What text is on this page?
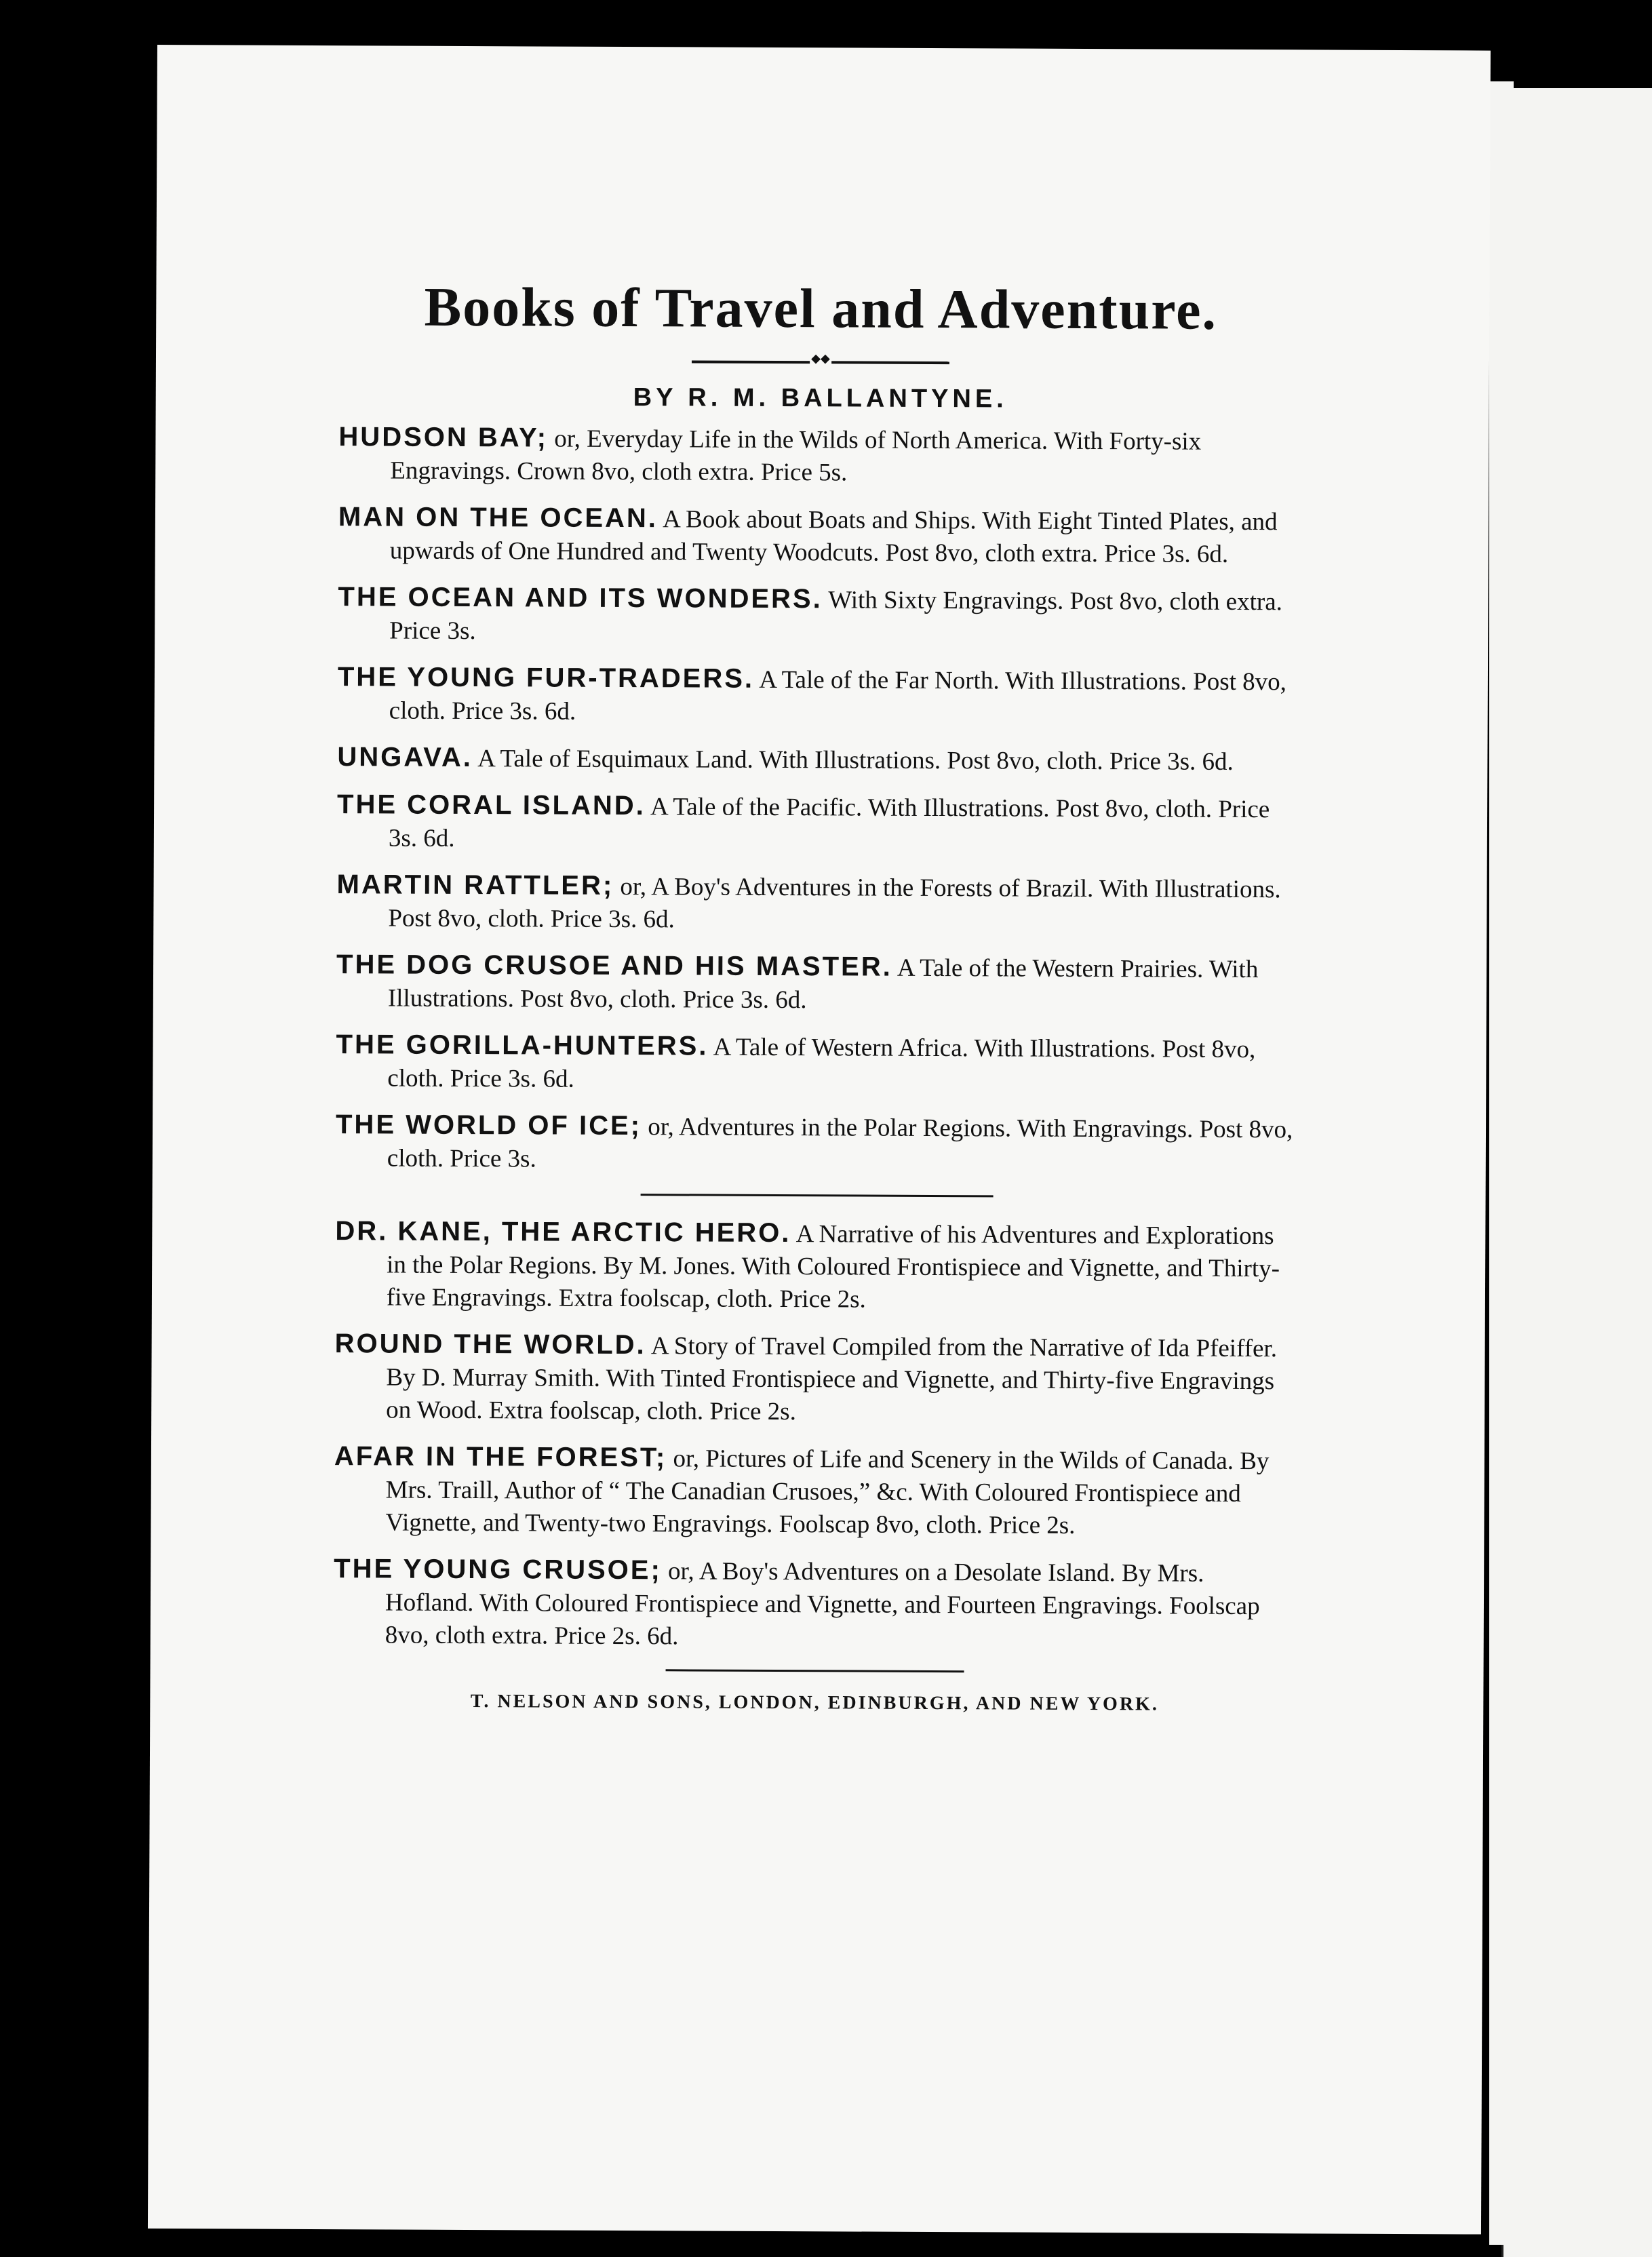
Books of Travel and Adventure.
◆◆

BY R. M. BALLANTYNE.

HUDSON BAY; or, Everyday Life in the Wilds of North America. With Forty-six Engravings. Crown 8vo, cloth extra. Price 5s.

MAN ON THE OCEAN. A Book about Boats and Ships. With Eight Tinted Plates, and upwards of One Hundred and Twenty Woodcuts. Post 8vo, cloth extra. Price 3s. 6d.

THE OCEAN AND ITS WONDERS. With Sixty Engravings. Post 8vo, cloth extra. Price 3s.

THE YOUNG FUR-TRADERS. A Tale of the Far North. With Illustrations. Post 8vo, cloth. Price 3s. 6d.

UNGAVA. A Tale of Esquimaux Land. With Illustrations. Post 8vo, cloth. Price 3s. 6d.

THE CORAL ISLAND. A Tale of the Pacific. With Illustrations. Post 8vo, cloth. Price 3s. 6d.

MARTIN RATTLER; or, A Boy's Adventures in the Forests of Brazil. With Illustrations. Post 8vo, cloth. Price 3s. 6d.

THE DOG CRUSOE AND HIS MASTER. A Tale of the Western Prairies. With Illustrations. Post 8vo, cloth. Price 3s. 6d.

THE GORILLA-HUNTERS. A Tale of Western Africa. With Illustrations. Post 8vo, cloth. Price 3s. 6d.

THE WORLD OF ICE; or, Adventures in the Polar Regions. With Engravings. Post 8vo, cloth. Price 3s.

DR. KANE, THE ARCTIC HERO. A Narrative of his Adventures and Explorations in the Polar Regions. By M. Jones. With Coloured Frontispiece and Vignette, and Thirty-five Engravings. Extra foolscap, cloth. Price 2s.

ROUND THE WORLD. A Story of Travel Compiled from the Narrative of Ida Pfeiffer. By D. Murray Smith. With Tinted Frontispiece and Vignette, and Thirty-five Engravings on Wood. Extra foolscap, cloth. Price 2s.

AFAR IN THE FOREST; or, Pictures of Life and Scenery in the Wilds of Canada. By Mrs. Traill, Author of “ The Canadian Crusoes,” &c. With Coloured Frontispiece and Vignette, and Twenty-two Engravings. Foolscap 8vo, cloth. Price 2s.

THE YOUNG CRUSOE; or, A Boy's Adventures on a Desolate Island. By Mrs. Hofland. With Coloured Frontispiece and Vignette, and Fourteen Engravings. Foolscap 8vo, cloth extra. Price 2s. 6d.

T. NELSON AND SONS, LONDON, EDINBURGH, AND NEW YORK.
